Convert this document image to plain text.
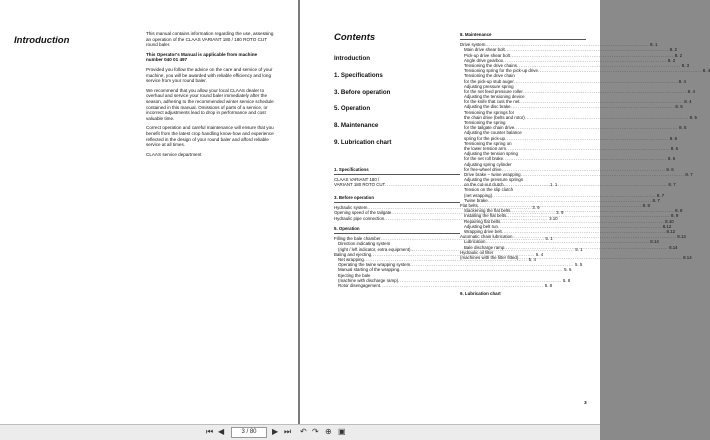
Introduction

This manual contains information regarding the use, assessing an operation of the CLAAS VARIANT 180 / 180 ROTO CUT round baler.

This Operator's Manual is applicable from machine number 040 01 497

Provided you follow the advice on the care and service of your machine, you will be awarded with reliable efficiency and long service from your round baler.

We recommend that you allow your local CLAAS dealer to overhaul and service your round baler immediately after the season, adhering to the recommended winter service schedule contained in this manual. Omissions of parts of a service, or incorrect adjustments lead to drop in performance and cost valuable time.

Correct operation and careful maintenance will ensure that you benefit from the latest crop handling know-how and experience reflected in the design of your round baler and afford reliable service at all times.

CLAAS service department

Contents
Introduction
1. Specifications
3. Before operation
5. Operation
8. Maintenance
9. Lubrication chart
1. Specifications
CLAAS VARIANT 180 /
VARIANT 180 ROTO CUT .....	1. 1
3. Before operation
Hydraulic system .....	3. 9
Opening speed of the tailgate .....	3. 9
Hydraulic pipe connection .....	3.10
5. Operation
Filling the bale chamber .....	5. 1
Direction indicating system
(right / left indicator, extra equipment) .....	5. 1
Baling and ejecting .....	5. 4
Net wrapping .....	5. 4
Operating the twine wrapping system .....	5. 5
Manual starting of the wrapping .....	5. 6
Ejecting the bale
(machine with discharge ramp) .....	5. 8
Rotor disengagement .....	5. 8
8. Maintenance
Drive system .....	8. 1
Main drive shear bolt .....	8. 2
Pick-up drive shear bolt .....	8. 2
Angle drive gearbox .....	8. 2
Tensioning the drive chains .....	8. 3
Tensioning spring for the pick-up drive .....	8. 4
Tensioning the drive chain
for the pick-up stub auger .....	8. 4
Adjusting pressure spring
for the net feed pressure roller .....	8. 4
Adjusting the tensioning device
for the knife that cuts the net .....	8. 4
Adjusting the disc brake .....	8. 5
Tensioning the springs for
the chain drive (belts and rotor) .....	8. 5
Tensioning the spring
for the tailgate chain drive .....	8. 5
Adjusting the counter balance
spring for the pick-up .....	8. 6
Tensioning the spring on
the lower tension arm .....	8. 6
Adjusting the tension spring
for the net roll brake .....	8. 6
Adjusting spring cylinder
for free-wheel drive .....	8. 6
Drive brake – twine wrapping .....	8. 7
Adjusting the pressure springs
on the cut-out clutch .....	8. 7
Tension on the slip clutch
(net wrapping) .....	8. 7
Twine brake .....	8. 7
Flat belts .....	8. 8
Slackening the flat belts .....	8. 8
Installing the flat belts .....	8. 9
Repairing flat belts .....	8.10
Adjusting belt run .....	8.12
Wrapping drive belt .....	8.12
Automatic chain lubrication .....	8.13
Lubrication .....	8.14
Bale discharge ramp .....	8.14
Hydraulic oil filter
(machines with the filter fitted) .....	8.14
9. Lubrication chart
3
⏮ ◀	3 / 80	▶ ⏭ ↶ ↷ ⊕ ▣
